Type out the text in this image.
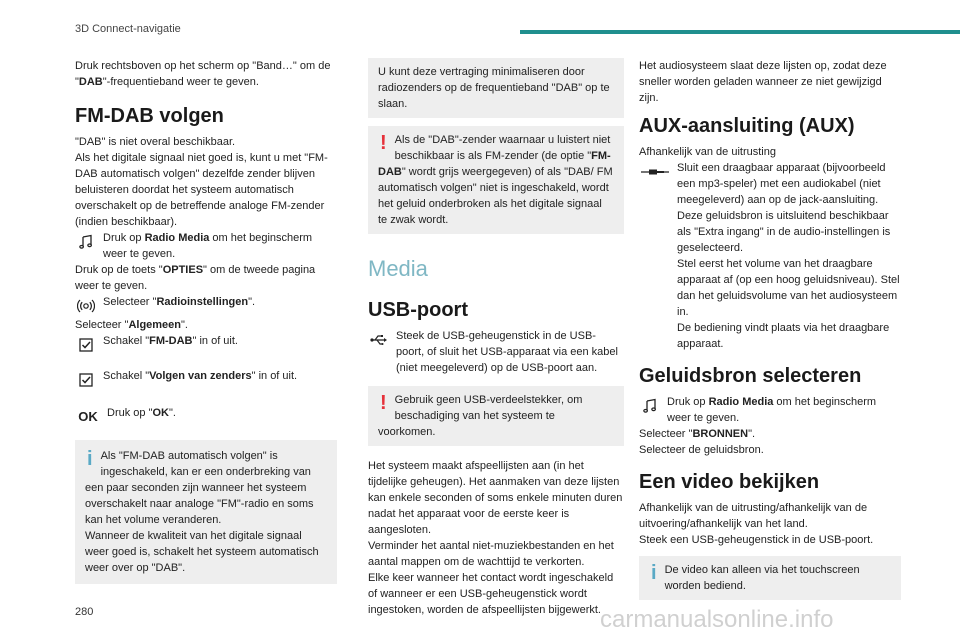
3D Connect-navigatie

Druk rechtsboven op het scherm op "Band…" om de "DAB"-frequentieband weer te geven.

FM-DAB volgen

"DAB" is niet overal beschikbaar.
Als het digitale signaal niet goed is, kunt u met "FM-DAB automatisch volgen" dezelfde zender blijven beluisteren doordat het systeem automatisch overschakelt op de betreffende analoge FM-zender (indien beschikbaar).

Druk op Radio Media om het beginscherm weer te geven.

Druk op de toets "OPTIES" om de tweede pagina weer te geven.

Selecteer "Radioinstellingen".

Selecteer "Algemeen".

Schakel "FM-DAB" in of uit.

Schakel "Volgen van zenders" in of uit.

OK Druk op "OK".

i Als "FM-DAB automatisch volgen" is ingeschakeld, kan er een onderbreking van een paar seconden zijn wanneer het systeem overschakelt naar analoge "FM"-radio en soms kan het volume veranderen.
Wanneer de kwaliteit van het digitale signaal weer goed is, schakelt het systeem automatisch weer over op "DAB".

U kunt deze vertraging minimaliseren door radiozenders op de frequentieband "DAB" op te slaan.

! Als de "DAB"-zender waarnaar u luistert niet beschikbaar is als FM-zender (de optie "FM-DAB" wordt grijs weergegeven) of als "DAB/ FM automatisch volgen" niet is ingeschakeld, wordt het geluid onderbroken als het digitale signaal te zwak wordt.

Media
USB-poort

Steek de USB-geheugenstick in de USB-poort, of sluit het USB-apparaat via een kabel (niet meegeleverd) op de USB-poort aan.

! Gebruik geen USB-verdeelstekker, om beschadiging van het systeem te voorkomen.

Het systeem maakt afspeellijsten aan (in het tijdelijke geheugen). Het aanmaken van deze lijsten kan enkele seconden of soms enkele minuten duren nadat het apparaat voor de eerste keer is aangesloten.
Verminder het aantal niet-muziekbestanden en het aantal mappen om de wachttijd te verkorten.
Elke keer wanneer het contact wordt ingeschakeld of wanneer er een USB-geheugenstick wordt ingestoken, worden de afspeellijsten bijgewerkt.

Het audiosysteem slaat deze lijsten op, zodat deze sneller worden geladen wanneer ze niet gewijzigd zijn.

AUX-aansluiting (AUX)

Afhankelijk van de uitrusting

Sluit een draagbaar apparaat (bijvoorbeeld een mp3-speler) met een audiokabel (niet meegeleverd) aan op de jack-aansluiting.
Deze geluidsbron is uitsluitend beschikbaar als "Extra ingang" in de audio-instellingen is geselecteerd.
Stel eerst het volume van het draagbare apparaat af (op een hoog geluidsniveau). Stel dan het geluidsvolume van het audiosysteem in.
De bediening vindt plaats via het draagbare apparaat.

Geluidsbron selecteren

Druk op Radio Media om het beginscherm weer te geven.

Selecteer "BRONNEN".

Selecteer de geluidsbron.

Een video bekijken

Afhankelijk van de uitrusting/afhankelijk van de uitvoering/afhankelijk van het land.
Steek een USB-geheugenstick in de USB-poort.

i De video kan alleen via het touchscreen worden bediend.

280	carmanualsonline.info
